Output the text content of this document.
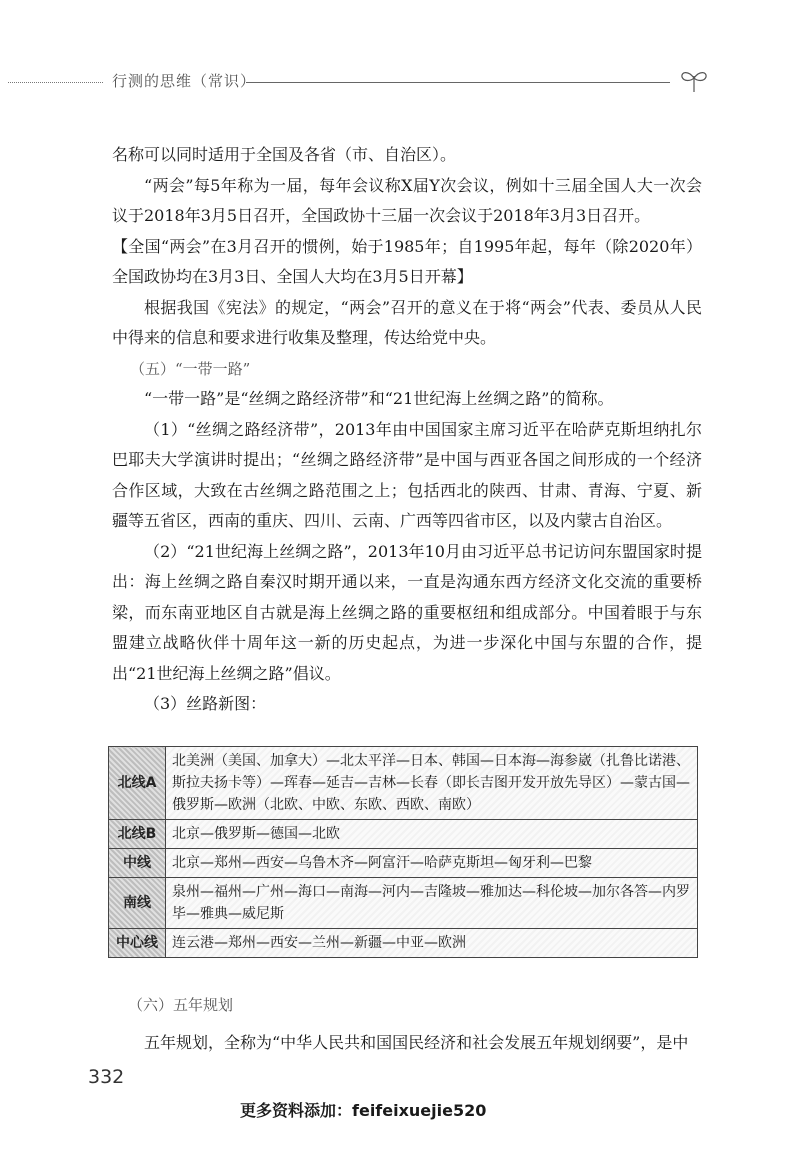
行测的思维（常识）

名称可以同时适用于全国及各省（市、自治区）。

“两会”每5年称为一届，每年会议称X届Y次会议，例如十三届全国人大一次会议于2018年3月5日召开，全国政协十三届一次会议于2018年3月3日召开。

【全国“两会”在3月召开的惯例，始于1985年；自1995年起，每年（除2020年）全国政协均在3月3日、全国人大均在3月5日开幕】

根据我国《宪法》的规定，“两会”召开的意义在于将“两会”代表、委员从人民中得来的信息和要求进行收集及整理，传达给党中央。

（五）“一带一路”

“一带一路”是“丝绸之路经济带”和“21世纪海上丝绸之路”的简称。

（1）“丝绸之路经济带”，2013年由中国国家主席习近平在哈萨克斯坦纳扎尔巴耶夫大学演讲时提出；“丝绸之路经济带”是中国与西亚各国之间形成的一个经济合作区域，大致在古丝绸之路范围之上；包括西北的陕西、甘肃、青海、宁夏、新疆等五省区，西南的重庆、四川、云南、广西等四省市区，以及内蒙古自治区。

（2）“21世纪海上丝绸之路”，2013年10月由习近平总书记访问东盟国家时提出：海上丝绸之路自秦汉时期开通以来，一直是沟通东西方经济文化交流的重要桥梁，而东南亚地区自古就是海上丝绸之路的重要枢纽和组成部分。中国着眼于与东盟建立战略伙伴十周年这一新的历史起点，为进一步深化中国与东盟的合作，提出“21世纪海上丝绸之路”倡议。

（3）丝路新图：

北线A	北美洲（美国、加拿大）—北太平洋—日本、韩国—日本海—海参崴（扎鲁比诺港、斯拉夫扬卡等）—珲春—延吉—吉林—长春（即长吉图开发开放先导区）—蒙古国—俄罗斯—欧洲（北欧、中欧、东欧、西欧、南欧）
北线B	北京—俄罗斯—德国—北欧
中线	北京—郑州—西安—乌鲁木齐—阿富汗—哈萨克斯坦—匈牙利—巴黎
南线	泉州—福州—广州—海口—南海—河内—吉隆坡—雅加达—科伦坡—加尔各答—内罗毕—雅典—威尼斯
中心线	连云港—郑州—西安—兰州—新疆—中亚—欧洲
（六）五年规划
五年规划，全称为“中华人民共和国国民经济和社会发展五年规划纲要”，是中
332
更多资料添加：feifeixuejie520
